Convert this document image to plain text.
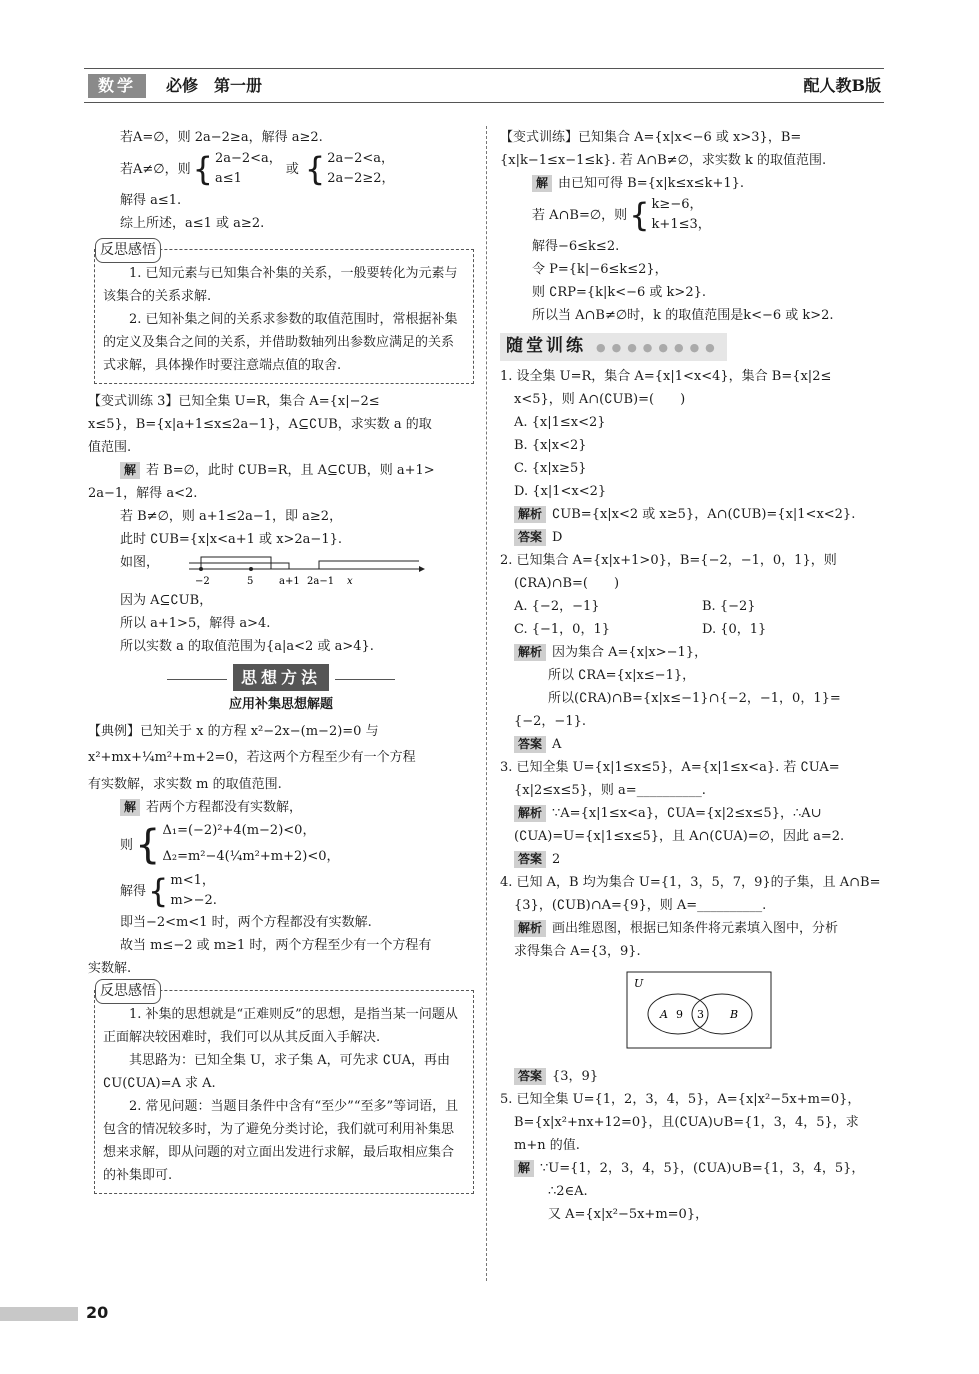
数学	必修　第一册	配人教B版

若A=∅，则 2a−2≥a，解得 a≥2.

若A≠∅，则 { 2a−2<a，

a≤1

或 { 2a−2<a，

2a−2≥2，

解得 a≤1.

综上所述，a≤1 或 a≥2.

反思感悟

1. 已知元素与已知集合补集的关系，一般要转化为元素与该集合的关系求解.

2. 已知补集之间的关系求参数的取值范围时，常根据补集的定义及集合之间的关系，并借助数轴列出参数应满足的关系式求解，具体操作时要注意端点值的取舍.

【变式训练 3】已知全集 U=R，集合 A={x|−2≤

x≤5}，B={x|a+1≤x≤2a−1}，A⊆∁UB，求实数 a 的取

值范围.

解 若 B=∅，此时 ∁UB=R，且 A⊆∁UB，则 a+1>

2a−1，解得 a<2.

若 B≠∅，则 a+1≤2a−1，即 a≥2，

此时 ∁UB={x|x<a+1 或 x>2a−1}.

如图，
−2	5	a+1 2a−1 x

因为 A⊆∁UB，

所以 a+1>5，解得 a>4.

所以实数 a 的取值范围为{a|a<2 或 a>4}.

思想方法

应用补集思想解题

【典例】已知关于 x 的方程 x²−2x−(m−2)=0 与

x²+mx+¼m²+m+2=0，若这两个方程至少有一个方程

有实数解，求实数 m 的取值范围.

解 若两个方程都没有实数解，

则 { Δ₁=(−2)²+4(m−2)<0，

Δ₂=m²−4(¼m²+m+2)<0，

解得 { m<1，

m>−2.

即当−2<m<1 时，两个方程都没有实数解.

故当 m≤−2 或 m≥1 时，两个方程至少有一个方程有

实数解.

反思感悟

1. 补集的思想就是“正难则反”的思想，是指当某一问题从正面解决较困难时，我们可以从其反面入手解决.

其思路为：已知全集 U，求子集 A，可先求 ∁UA，再由 ∁U(∁UA)=A 求 A.

2. 常见问题：当题目条件中含有“至少”“至多”等词语，且包含的情况较多时，为了避免分类讨论，我们就可利用补集思想来求解，即从问题的对立面出发进行求解，最后取相应集合的补集即可.

【变式训练】已知集合 A={x|x<−6 或 x>3}，B=

{x|k−1≤x−1≤k}. 若 A∩B≠∅，求实数 k 的取值范围.

解 由已知可得 B={x|k≤x≤k+1}.

若 A∩B=∅，则 { k≥−6，

k+1≤3，

解得−6≤k≤2.

令 P={k|−6≤k≤2}，

则 ∁RP={k|k<−6 或 k>2}.

所以当 A∩B≠∅时，k 的取值范围是k<−6 或 k>2.

随堂训练 ●●●●●●●●

1. 设全集 U=R，集合 A={x|1<x<4}，集合 B={x|2≤

x<5}，则 A∩(∁UB)=(　　)

A. {x|1≤x<2}

B. {x|x<2}

C. {x|x≥5}

D. {x|1<x<2}

解析 ∁UB={x|x<2 或 x≥5}，A∩(∁UB)={x|1<x<2}.

答案 D

2. 已知集合 A={x|x+1>0}，B={−2，−1，0，1}，则

(∁RA)∩B=(　　)

A. {−2，−1}	B. {−2}

C. {−1，0，1}	D. {0，1}

解析 因为集合 A={x|x>−1}，

所以 ∁RA={x|x≤−1}，

所以(∁RA)∩B={x|x≤−1}∩{−2，−1，0，1}=

{−2，−1}.

答案 A

3. 已知全集 U={x|1≤x≤5}，A={x|1≤x<a}. 若 ∁UA=

{x|2≤x≤5}，则 a=__________.

解析 ∵A={x|1≤x<a}，∁UA={x|2≤x≤5}，∴A∪

(∁UA)=U={x|1≤x≤5}，且 A∩(∁UA)=∅，因此 a=2.

答案 2

4. 已知 A，B 均为集合 U={1，3，5，7，9}的子集，且 A∩B=

{3}，(∁UB)∩A={9}，则 A=__________.

解析 画出维恩图，根据已知条件将元素填入图中，分析

求得集合 A={3，9}.

U
A 9 3 B

答案 {3，9}

5. 已知全集 U={1，2，3，4，5}，A={x|x²−5x+m=0}，

B={x|x²+nx+12=0}，且(∁UA)∪B={1，3，4，5}，求

m+n 的值.

解 ∵U={1，2，3，4，5}，(∁UA)∪B={1，3，4，5}，

∴2∈A.

又 A={x|x²−5x+m=0}，

20
